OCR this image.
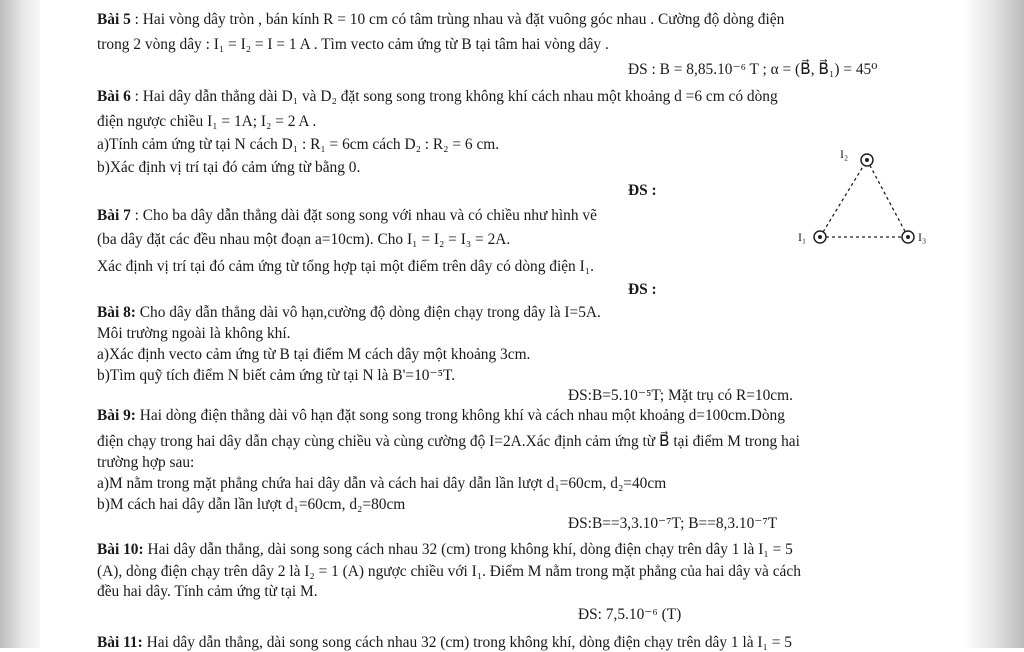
Bài 5 : Hai vòng dây tròn , bán kính R = 10 cm có tâm trùng nhau và đặt vuông góc nhau . Cường độ dòng điện
trong 2 vòng dây : I₁ = I₂ = I = 1 A . Tìm vecto cảm ứng từ B tại tâm hai vòng dây .
ĐS : B = 8,85.10⁻⁶ T ; α = (B⃗, B⃗₁) = 45⁰
Bài 6 : Hai dây dẫn thẳng dài D₁ và D₂ đặt song song trong không khí cách nhau một khoảng d =6 cm có dòng
điện ngược chiều I₁ = 1A; I₂ = 2 A .
a)Tính cảm ứng từ tại N cách D₁ : R₁ = 6cm cách D₂ : R₂ = 6 cm.
b)Xác định vị trí tại đó cảm ứng từ bằng 0.
ĐS :
Bài 7 : Cho ba dây dẫn thẳng dài đặt song song với nhau và có chiều như hình vẽ
(ba dây đặt các đều nhau một đoạn a=10cm). Cho I₁ = I₂ = I₃ = 2A.
Xác định vị trí tại đó cảm ứng từ tổng hợp tại một điểm trên dây có dòng điện I₁.
ĐS :
I₂
I₁	I₃
Bài 8: Cho dây dẫn thẳng dài vô hạn,cường độ dòng điện chạy trong dây là I=5A.
Môi trường ngoài là không khí.
a)Xác định vecto cảm ứng từ B tại điểm M cách dây một khoảng 3cm.
b)Tìm quỹ tích điểm N biết cảm ứng từ tại N là B'=10⁻⁵T.
ĐS:B=5.10⁻⁵T; Mặt trụ có R=10cm.
Bài 9: Hai dòng điện thẳng dài vô hạn đặt song song trong không khí và cách nhau một khoảng d=100cm.Dòng
điện chạy trong hai dây dẫn chạy cùng chiều và cùng cường độ I=2A.Xác định cảm ứng từ B⃗ tại điểm M trong hai
trường hợp sau:
a)M nằm trong mặt phẳng chứa hai dây dẫn và cách hai dây dẫn lần lượt d₁=60cm, d₂=40cm
b)M cách hai dây dẫn lần lượt d₁=60cm, d₂=80cm
ĐS:B==3,3.10⁻⁷T; B==8,3.10⁻⁷T
Bài 10: Hai dây dẫn thẳng, dài song song cách nhau 32 (cm) trong không khí, dòng điện chạy trên dây 1 là I₁ = 5
(A), dòng điện chạy trên dây 2 là I₂ = 1 (A) ngược chiều với I₁. Điểm M nằm trong mặt phẳng của hai dây và cách
đều hai dây. Tính cảm ứng từ tại M.
ĐS: 7,5.10⁻⁶ (T)
Bài 11: Hai dây dẫn thẳng, dài song song cách nhau 32 (cm) trong không khí, dòng điện chạy trên dây 1 là I₁ = 5
